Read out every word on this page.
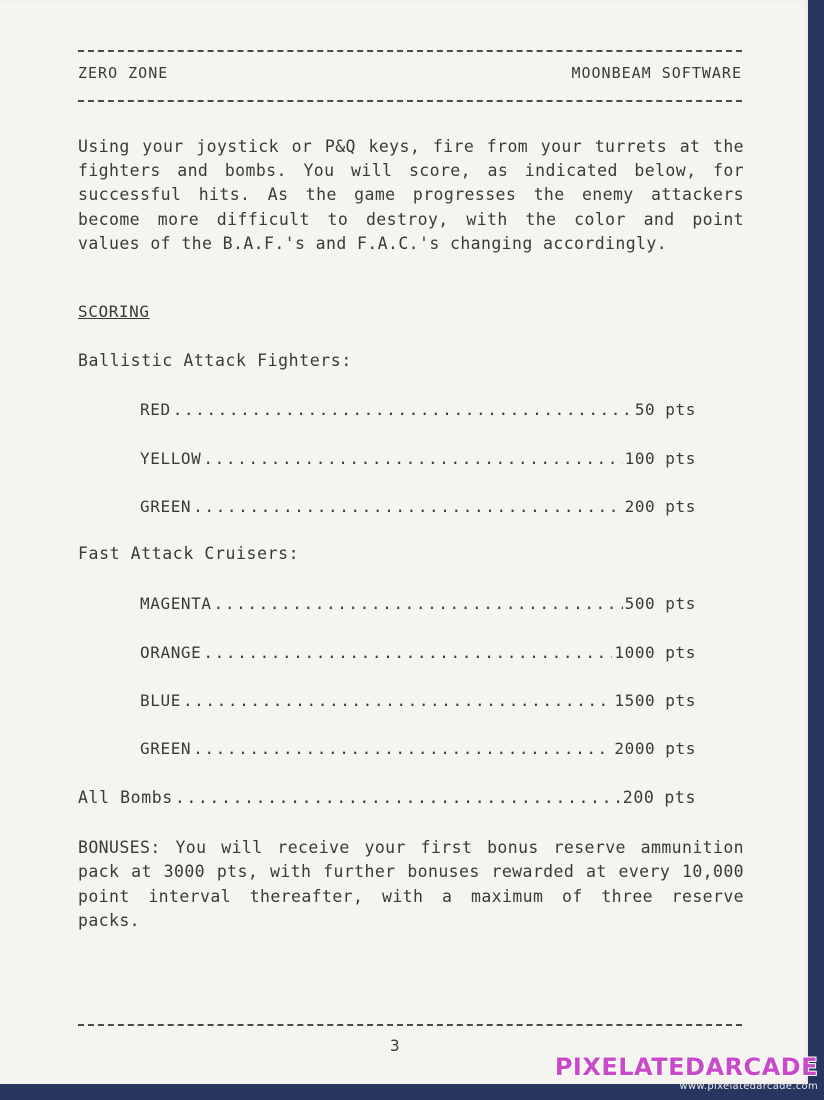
ZERO ZONE	MOONBEAM SOFTWARE
Using your joystick or P&Q keys, fire from your turrets at the fighters and bombs. You will score, as indicated below, for successful hits. As the game progresses the enemy attackers become more difficult to destroy, with the color and point values of the B.A.F.'s and F.A.C.'s changing accordingly.
SCORING
Ballistic Attack Fighters:
RED .....	50 pts
YELLOW .....	100 pts
GREEN .....	200 pts
Fast Attack Cruisers:
MAGENTA .....	500 pts
ORANGE .....	1000 pts
BLUE .....	1500 pts
GREEN .....	2000 pts
All Bombs .....	200 pts
BONUSES: You will receive your first bonus reserve ammunition pack at 3000 pts, with further bonuses rewarded at every 10,000 point interval thereafter, with a maximum of three reserve packs.
3
PIXELATEDARCADE
www.pixelatedarcade.com
